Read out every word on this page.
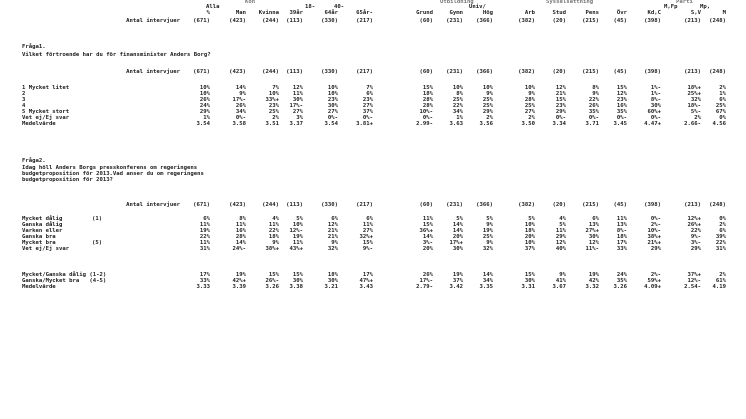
Kön	Utbildning	Sysselsättning	Parti
Alla	18-	40-	Univ/	M,Fp	Mp,
%	Man	Kvinna	39år	64år	65år-	Grund	Gymn	Hög	Arb	Stud	Pens	Övr	Kd,C	S,V	M
Antal intervjuer	(671)	(423)	(244)	(113)	(330)	(217)	(60)	(231)	(366)	(382)	(20)	(215)	(45)	(398)	(213)	(248)
Fråga1.
Vilket förtroende har du för finansminister Anders Borg?
Antal intervjuer	(671)	(423)	(244)	(113)	(330)	(217)	(60)	(231)	(366)	(382)	(20)	(215)	(45)	(398)	(213)	(248)
1 Mycket litet	10%	14%	7%	12%	10%	7%	15%	10%	10%	10%	12%	8%	15%	1%-	18%+	2%
2	10%	9%	10%	11%	10%	6%	18%	8%	9%	9%	21%	9%	12%	1%-	25%+	1%
3	26%	17%-	33%+	30%	23%	23%	28%	25%	25%	28%	15%	22%	23%	8%-	32%	6%
4	24%	26%	23%	17%-	30%	27%	28%	22%	25%	25%	23%	26%	16%	30%	18%-	25%
5 Mycket stort	29%	34%	25%	27%	27%	37%	10%-	34%	29%	27%	29%	35%	35%	60%+	5%-	67%
Vet ej/Ej svar	1%	0%-	2%	3%	0%-	0%-	0%-	1%	2%	2%	0%-	0%-	0%-	0%-	2%	0%
Medelvärde	3.54	3.58	3.51	3.37	3.54	3.81+	2.99-	3.63	3.56	3.50	3.34	3.71	3.45	4.47+	2.66-	4.56
Fråga2.
Idag höll Anders Borgs presskonferens om regeringens
budgetproposition för 2013.Vad anser du om regeringens
budgetproposition för 2013?
Antal intervjuer	(671)	(423)	(244)	(113)	(330)	(217)	(60)	(231)	(366)	(382)	(20)	(215)	(45)	(398)	(213)	(248)
Mycket dålig	(1)	6%	8%	4%	5%	6%	6%	11%	5%	5%	5%	4%	6%	11%	0%-	12%+	0%
Ganska dålig	11%	11%	11%	10%	12%	11%	15%	14%	9%	10%	5%	13%	13%	2%-	26%+	2%
Varken eller	19%	16%	22%	12%-	21%	27%	36%+	14%	19%	18%	11%	27%+	8%-	10%-	22%	6%
Ganska bra	22%	28%	18%	19%	21%	32%+	14%	20%	25%	20%	29%	30%	18%	38%+	9%-	39%
Mycket bra	(5)	11%	14%	9%	11%	9%	15%	3%-	17%+	9%	10%	12%	12%	17%	21%+	3%-	22%
Vet ej/Ej svar	31%	24%-	38%+	43%+	32%	9%-	20%	30%	32%	37%	40%	11%-	33%	29%	29%	31%
Mycket/Ganska dålig (1-2)	17%	19%	15%	15%	18%	17%	26%	19%	14%	15%	9%	19%	24%	2%-	37%+	2%
Ganska/Mycket bra   (4-5)	33%	42%+	26%-	30%	30%	47%+	17%-	37%	34%	30%	41%	42%	35%	59%+	12%-	61%
Medelvärde	3.33	3.39	3.26	3.38	3.21	3.43	2.79-	3.42	3.35	3.31	3.67	3.32	3.26	4.09+	2.54-	4.19
